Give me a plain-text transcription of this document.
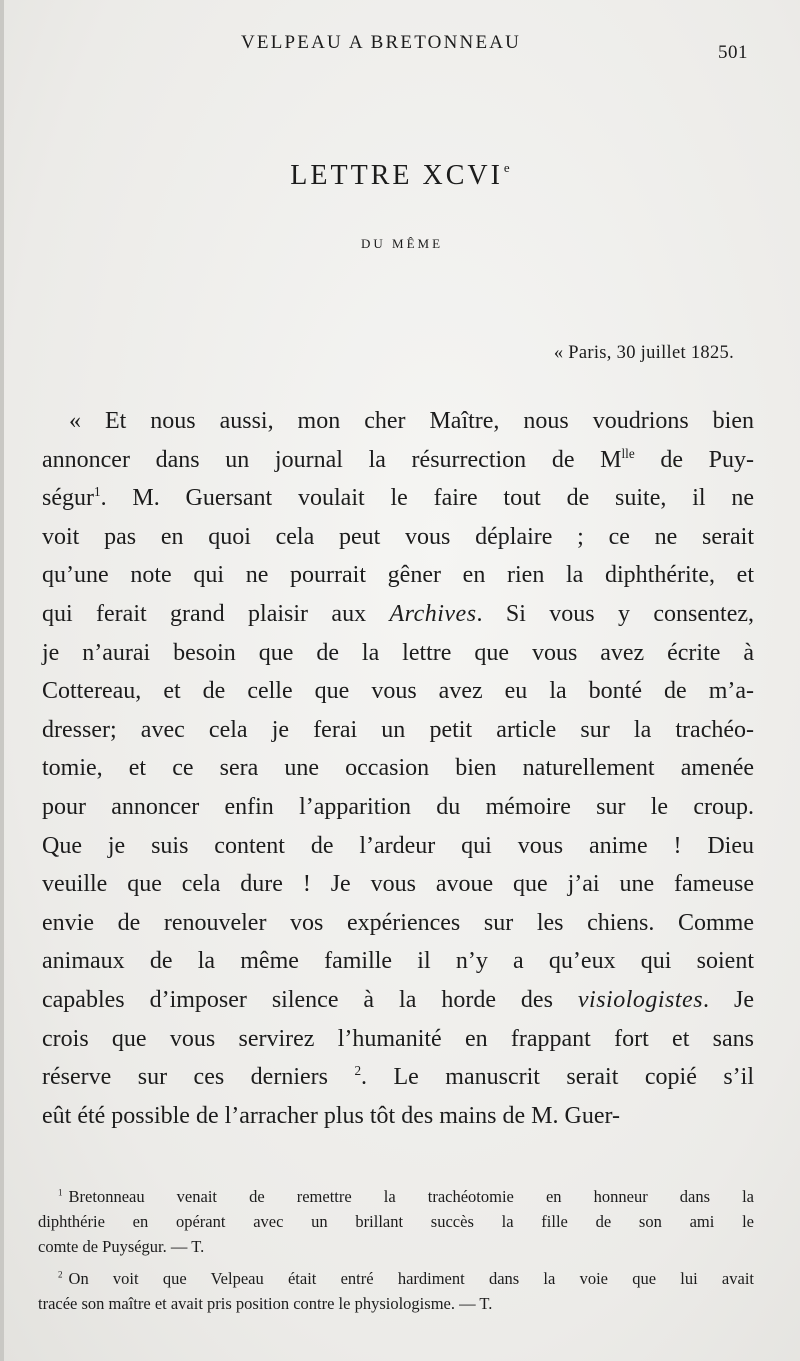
VELPEAU A BRETONNEAU	501
LETTRE XCVIe
DU MÊME
« Paris, 30 juillet 1825.
« Et nous aussi, mon cher Maître, nous voudrions bien
annoncer dans un journal la résurrection de $M^{lle}$ de Puy-
ségur$^1$. M. Guersant voulait le faire tout de suite, il ne
voit pas en quoi cela peut vous déplaire ; ce ne serait
qu’une note qui ne pourrait gêner en rien la diphthérite, et
qui ferait grand plaisir aux Archives. Si vous y consentez,
je n’aurai besoin que de la lettre que vous avez écrite à
Cottereau, et de celle que vous avez eu la bonté de m’a-
dresser; avec cela je ferai un petit article sur la trachéo-
tomie, et ce sera une occasion bien naturellement amenée
pour annoncer enfin l’apparition du mémoire sur le croup.
Que je suis content de l’ardeur qui vous anime ! Dieu
veuille que cela dure ! Je vous avoue que j’ai une fameuse
envie de renouveler vos expériences sur les chiens. Comme
animaux de la même famille il n’y a qu’eux qui soient
capables d’imposer silence à la horde des visiologistes. Je
crois que vous servirez l’humanité en frappant fort et sans
réserve sur ces derniers $^2$. Le manuscrit serait copié s’il
eût été possible de l’arracher plus tôt des mains de M. Guer-
$^1$ Bretonneau venait de remettre la trachéotomie en honneur dans la
diphthérie en opérant avec un brillant succès la fille de son ami le
comte de Puységur. — T.
$^2$ On voit que Velpeau était entré hardiment dans la voie que lui avait
tracée son maître et avait pris position contre le physiologisme. — T.
